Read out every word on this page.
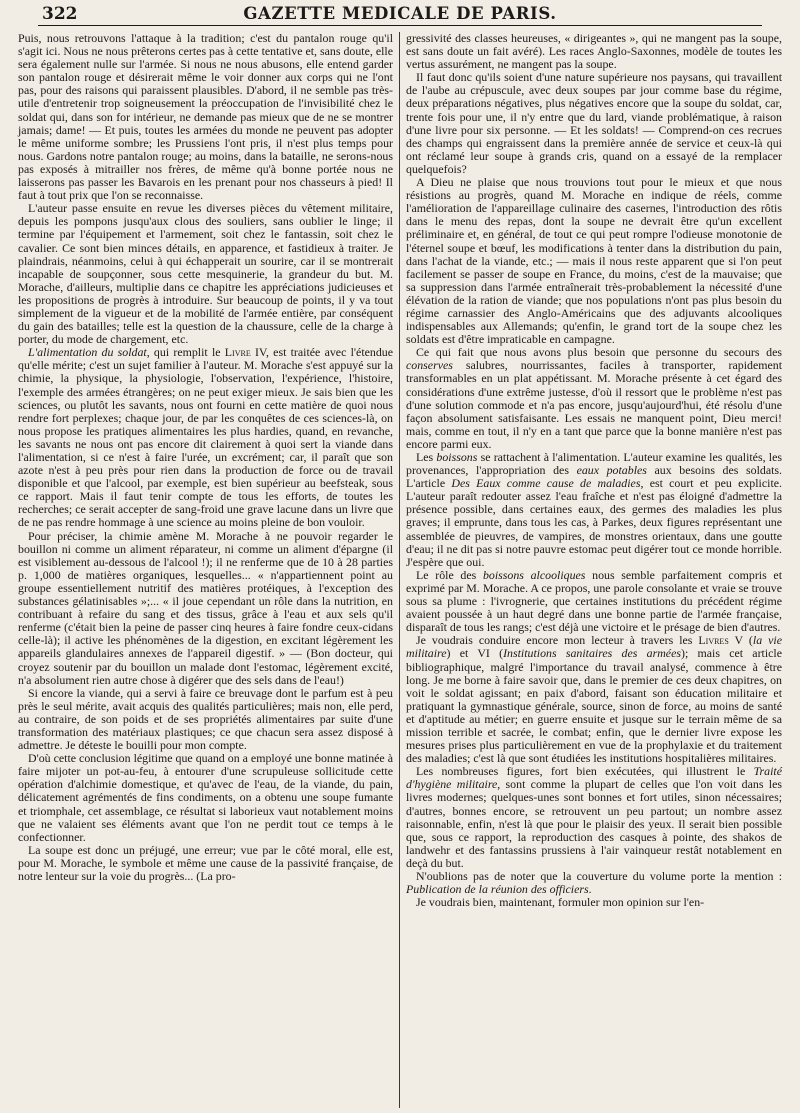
322	GAZETTE MEDICALE DE PARIS.

Puis, nous retrouvons l'attaque à la tradition; c'est du pantalon rouge qu'il s'agit ici. Nous ne nous prêterons certes pas à cette tentative et, sans doute, elle sera également nulle sur l'armée. Si nous ne nous abusons, elle entend garder son pantalon rouge et désirerait même le voir donner aux corps qui ne l'ont pas, pour des raisons qui paraissent plausibles. D'abord, il ne semble pas très-utile d'entretenir trop soigneusement la préoccupation de l'invisibilité chez le soldat qui, dans son for intérieur, ne demande pas mieux que de ne se montrer jamais; dame! — Et puis, toutes les armées du monde ne peuvent pas adopter le même uniforme sombre; les Prussiens l'ont pris, il n'est plus temps pour nous. Gardons notre pantalon rouge; au moins, dans la bataille, ne serons-nous pas exposés à mitrailler nos frères, de même qu'à bonne portée nous ne laisserons pas passer les Bavarois en les prenant pour nos chasseurs à pied! Il faut à tout prix que l'on se reconnaisse.

L'auteur passe ensuite en revue les diverses pièces du vêtement militaire, depuis les pompons jusqu'aux clous des souliers, sans oublier le linge; il termine par l'équipement et l'armement, soit chez le fantassin, soit chez le cavalier. Ce sont bien minces détails, en apparence, et fastidieux à traiter. Je plaindrais, néanmoins, celui à qui échapperait un sourire, car il se montrerait incapable de soupçonner, sous cette mesquinerie, la grandeur du but. M. Morache, d'ailleurs, multiplie dans ce chapitre les appréciations judicieuses et les propositions de progrès à introduire. Sur beaucoup de points, il y va tout simplement de la vigueur et de la mobilité de l'armée entière, par conséquent du gain des batailles; telle est la question de la chaussure, celle de la charge à porter, du mode de chargement, etc.

L'alimentation du soldat, qui remplit le Livre IV, est traitée avec l'étendue qu'elle mérite; c'est un sujet familier à l'auteur. M. Morache s'est appuyé sur la chimie, la physique, la physiologie, l'observation, l'expérience, l'histoire, l'exemple des armées étrangères; on ne peut exiger mieux. Je sais bien que les sciences, ou plutôt les savants, nous ont fourni en cette matière de quoi nous rendre fort perplexes; chaque jour, de par les conquêtes de ces sciences-là, on nous propose les pratiques alimentaires les plus hardies, quand, en revanche, les savants ne nous ont pas encore dit clairement à quoi sert la viande dans l'alimentation, si ce n'est à faire l'urée, un excrément; car, il paraît que son azote n'est à peu près pour rien dans la production de force ou de travail disponible et que l'alcool, par exemple, est bien supérieur au beefsteak, sous ce rapport. Mais il faut tenir compte de tous les efforts, de toutes les recherches; ce serait accepter de sang-froid une grave lacune dans un livre que de ne pas rendre hommage à une science au moins pleine de bon vouloir.

Pour préciser, la chimie amène M. Morache à ne pouvoir regarder le bouillon ni comme un aliment réparateur, ni comme un aliment d'épargne (il est visiblement au-dessous de l'alcool !); il ne renferme que de 10 à 28 parties p. 1,000 de matières organiques, lesquelles... « n'appartiennent point au groupe essentiellement nutritif des matières protéiques, à l'exception des substances gélatinisables »;... « il joue cependant un rôle dans la nutrition, en contribuant à refaire du sang et des tissus, grâce à l'eau et aux sels qu'il renferme (c'était bien la peine de passer cinq heures à faire fondre ceux-cidans celle-là); il active les phénomènes de la digestion, en excitant légèrement les appareils glandulaires annexes de l'appareil digestif. » — (Bon docteur, qui croyez soutenir par du bouillon un malade dont l'estomac, légèrement excité, n'a absolument rien autre chose à digérer que des sels dans de l'eau!)

Si encore la viande, qui a servi à faire ce breuvage dont le parfum est à peu près le seul mérite, avait acquis des qualités particulières; mais non, elle perd, au contraire, de son poids et de ses propriétés alimentaires par suite d'une transformation des matériaux plastiques; ce que chacun sera assez disposé à admettre. Je déteste le bouilli pour mon compte.

D'où cette conclusion légitime que quand on a employé une bonne matinée à faire mijoter un pot-au-feu, à entourer d'une scrupuleuse sollicitude cette opération d'alchimie domestique, et qu'avec de l'eau, de la viande, du pain, délicatement agrémentés de fins condiments, on a obtenu une soupe fumante et triomphale, cet assemblage, ce résultat si laborieux vaut notablement moins que ne valaient ses éléments avant que l'on ne perdit tout ce temps à le confectionner.

La soupe est donc un préjugé, une erreur; vue par le côté moral, elle est, pour M. Morache, le symbole et même une cause de la passivité française, de notre lenteur sur la voie du progrès... (La pro-

gressivité des classes heureuses, « dirigeantes », qui ne mangent pas la soupe, est sans doute un fait avéré). Les races Anglo-Saxonnes, modèle de toutes les vertus assurément, ne mangent pas la soupe.

Il faut donc qu'ils soient d'une nature supérieure nos paysans, qui travaillent de l'aube au crépuscule, avec deux soupes par jour comme base du régime, deux préparations négatives, plus négatives encore que la soupe du soldat, car, trente fois pour une, il n'y entre que du lard, viande problématique, à raison d'une livre pour six personne. — Et les soldats! — Comprend-on ces recrues des champs qui engraissent dans la première année de service et ceux-là qui ont réclamé leur soupe à grands cris, quand on a essayé de la remplacer quelquefois?

A Dieu ne plaise que nous trouvions tout pour le mieux et que nous résistions au progrès, quand M. Morache en indique de réels, comme l'amélioration de l'appareillage culinaire des casernes, l'introduction des rôtis dans le menu des repas, dont la soupe ne devrait être qu'un excellent préliminaire et, en général, de tout ce qui peut rompre l'odieuse monotonie de l'éternel soupe et bœuf, les modifications à tenter dans la distribution du pain, dans l'achat de la viande, etc.; — mais il nous reste apparent que si l'on peut facilement se passer de soupe en France, du moins, c'est de la mauvaise; que sa suppression dans l'armée entraînerait très-probablement la nécessité d'une élévation de la ration de viande; que nos populations n'ont pas plus besoin du régime carnassier des Anglo-Américains que des adjuvants alcooliques indispensables aux Allemands; qu'enfin, le grand tort de la soupe chez les soldats est d'être impraticable en campagne.

Ce qui fait que nous avons plus besoin que personne du secours des conserves salubres, nourrissantes, faciles à transporter, rapidement transformables en un plat appétissant. M. Morache présente à cet égard des considérations d'une extrême justesse, d'où il ressort que le problème n'est pas d'une solution commode et n'a pas encore, jusqu'aujourd'hui, été résolu d'une façon absolument satisfaisante. Les essais ne manquent point, Dieu merci! mais, comme en tout, il n'y en a tant que parce que la bonne manière n'est pas encore parmi eux.

Les boissons se rattachent à l'alimentation. L'auteur examine les qualités, les provenances, l'appropriation des eaux potables aux besoins des soldats. L'article Des Eaux comme cause de maladies, est court et peu explicite. L'auteur paraît redouter assez l'eau fraîche et n'est pas éloigné d'admettre la présence possible, dans certaines eaux, des germes des maladies les plus graves; il emprunte, dans tous les cas, à Parkes, deux figures représentant une assemblée de pieuvres, de vampires, de monstres orientaux, dans une goutte d'eau; il ne dit pas si notre pauvre estomac peut digérer tout ce monde horrible. J'espère que oui.

Le rôle des boissons alcooliques nous semble parfaitement compris et exprimé par M. Morache. A ce propos, une parole consolante et vraie se trouve sous sa plume : l'ivrognerie, que certaines institutions du précédent régime avaient poussée à un haut degré dans une bonne partie de l'armée française, disparaît de tous les rangs; c'est déjà une victoire et le présage de bien d'autres.

Je voudrais conduire encore mon lecteur à travers les Livres V (la vie militaire) et VI (Institutions sanitaires des armées); mais cet article bibliographique, malgré l'importance du travail analysé, commence à être long. Je me borne à faire savoir que, dans le premier de ces deux chapitres, on voit le soldat agissant; en paix d'abord, faisant son éducation militaire et pratiquant la gymnastique générale, source, sinon de force, au moins de santé et d'aptitude au métier; en guerre ensuite et jusque sur le terrain même de sa mission terrible et sacrée, le combat; enfin, que le dernier livre expose les mesures prises plus particulièrement en vue de la prophylaxie et du traitement des maladies; c'est là que sont étudiées les institutions hospitalières militaires.

Les nombreuses figures, fort bien exécutées, qui illustrent le Traité d'hygiène militaire, sont comme la plupart de celles que l'on voit dans les livres modernes; quelques-unes sont bonnes et fort utiles, sinon nécessaires; d'autres, bonnes encore, se retrouvent un peu partout; un nombre assez raisonnable, enfin, n'est là que pour le plaisir des yeux. Il serait bien possible que, sous ce rapport, la reproduction des casques à pointe, des shakos de landwehr et des fantassins prussiens à l'air vainqueur restât notablement en deçà du but.

N'oublions pas de noter que la couverture du volume porte la mention : Publication de la réunion des officiers.

Je voudrais bien, maintenant, formuler mon opinion sur l'en-
